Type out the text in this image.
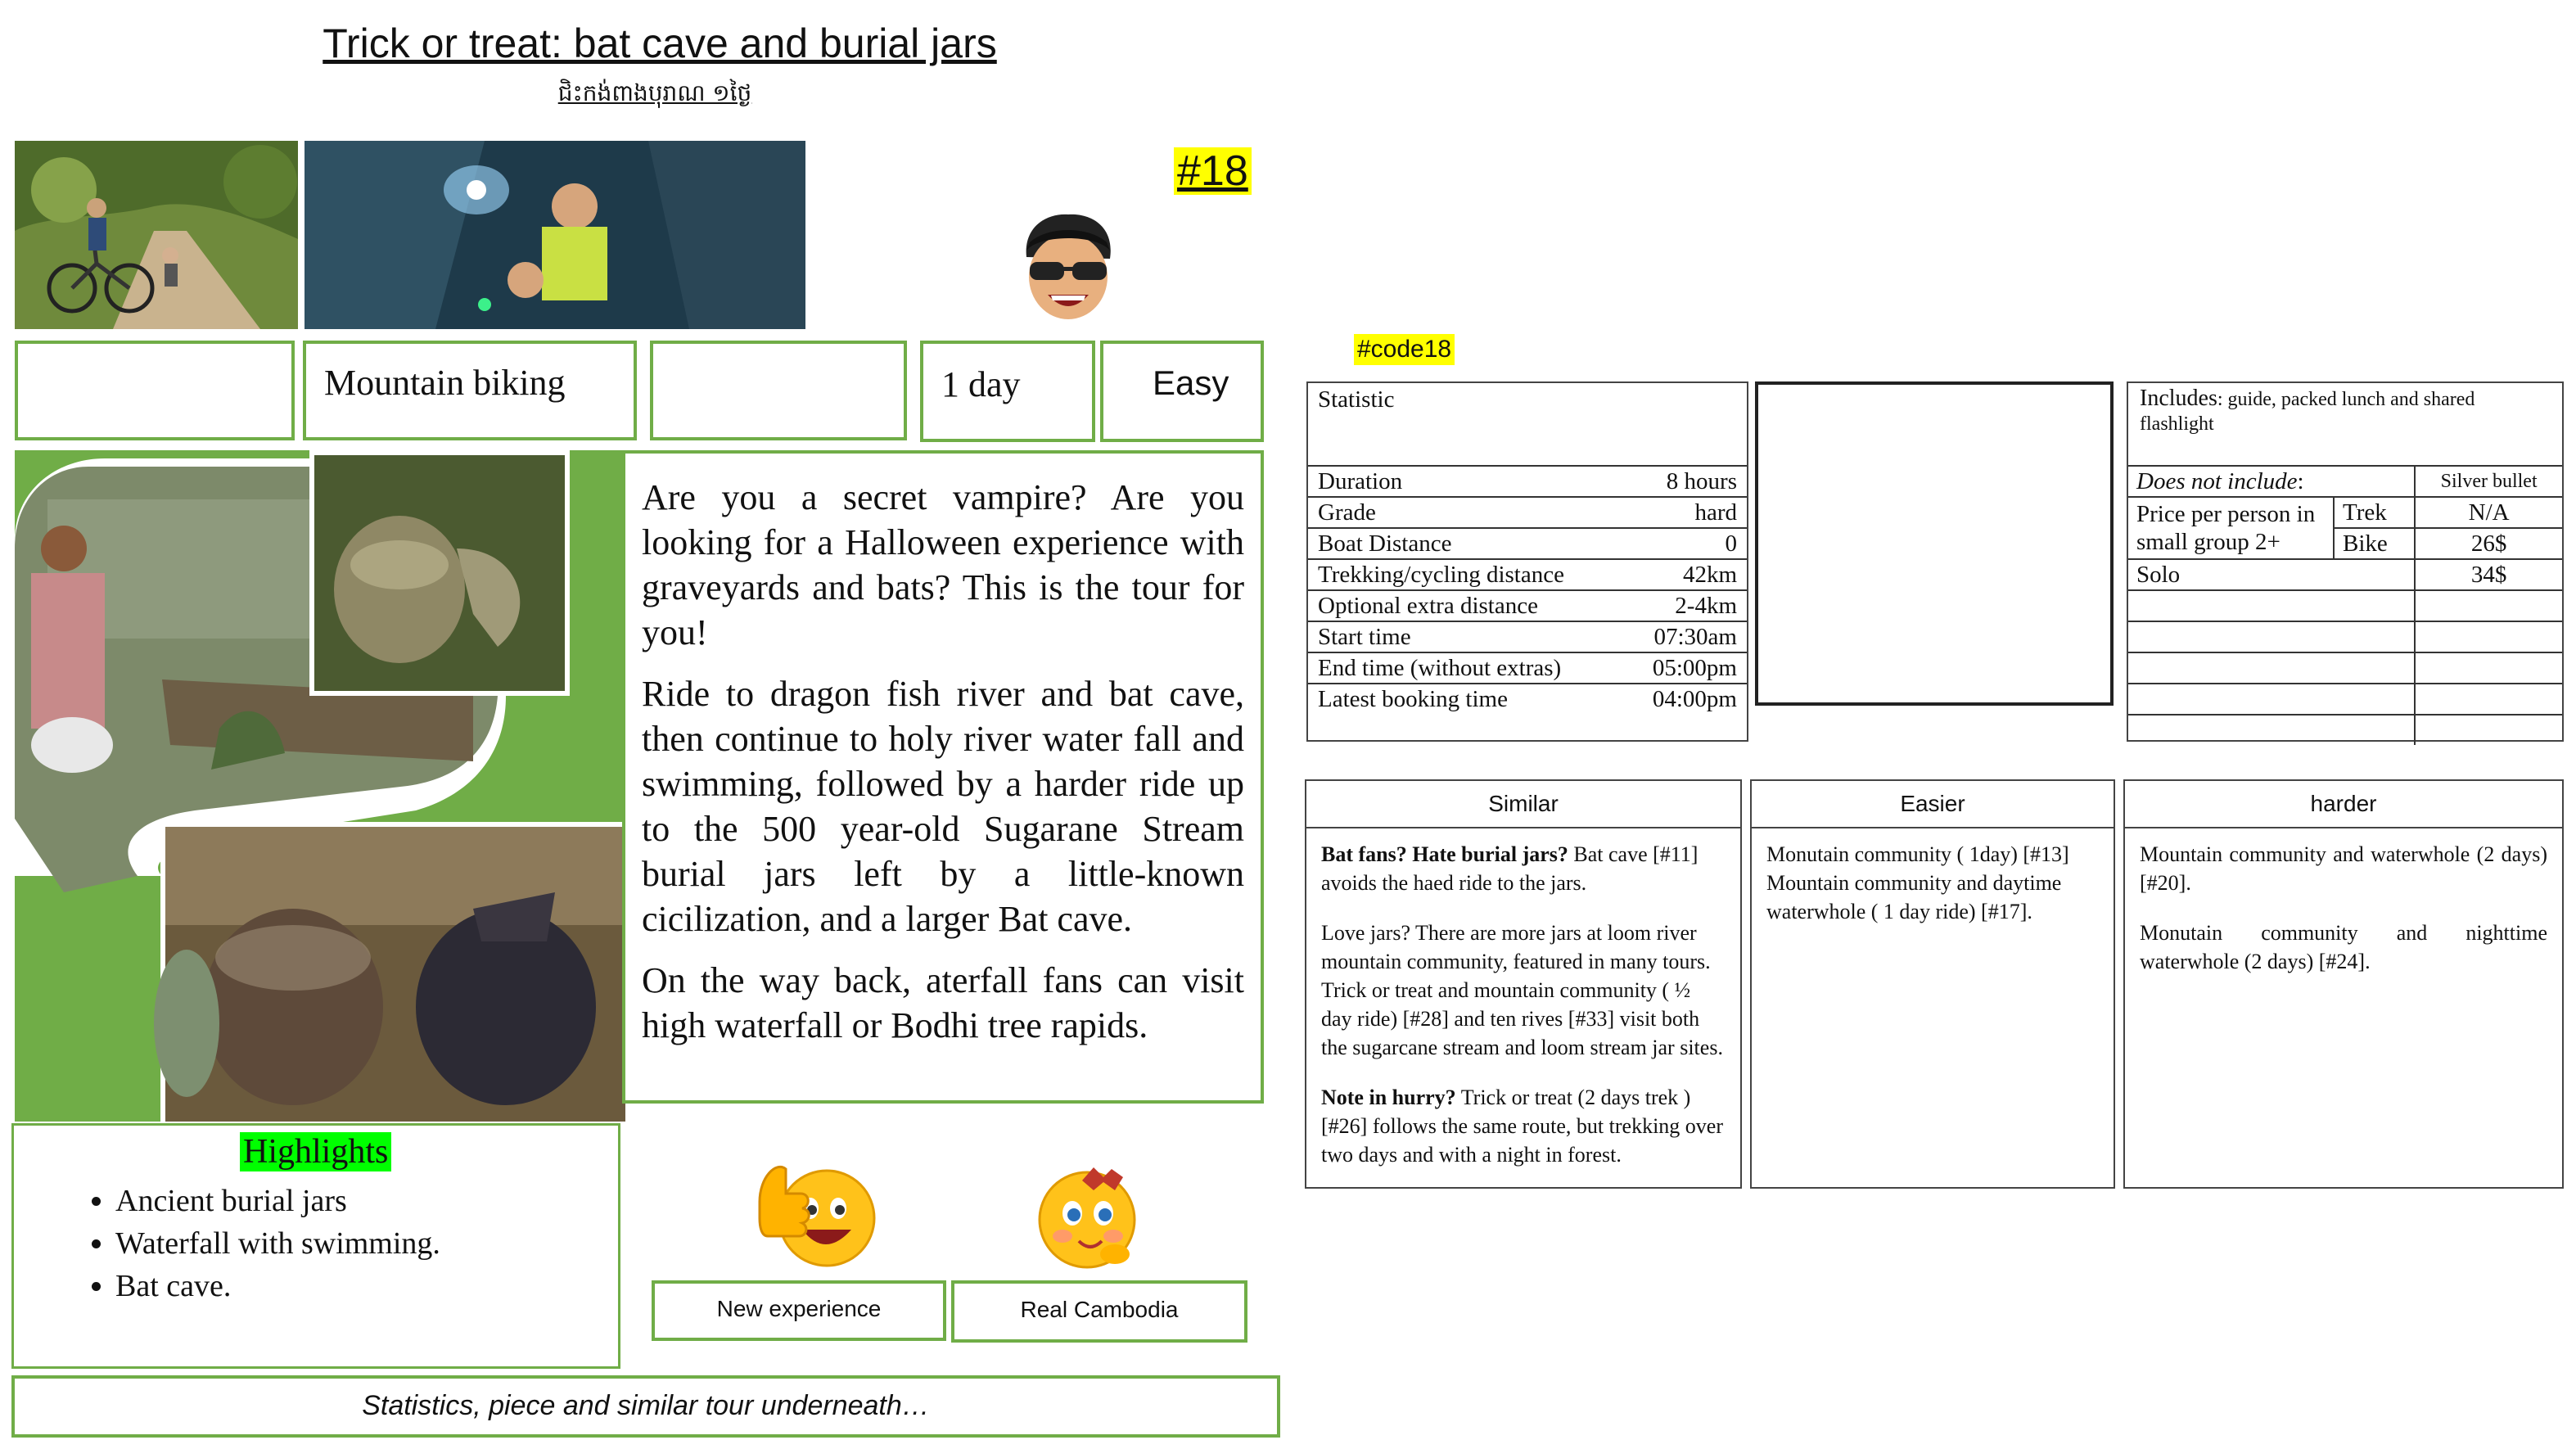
Trick or treat: bat cave and burial jars
ជិះកង់ពាងបុរាណ ១ថ្ងៃ
#18
Mountain biking	1 day	Easy

Are you a secret vampire? Are you looking for a Halloween experience with graveyards and bats? This is the tour for you!

Ride to dragon fish river and bat cave, then continue to holy river water fall and swimming, followed by a harder ride up to the 500 year-old Sugarane Stream burial jars left by a little-known cicilization, and a larger Bat cave.

On the way back, aterfall fans can visit high waterfall or Bodhi tree rapids.

Highlights
• Ancient burial jars
• Waterfall with swimming.
• Bat cave.
New experience	Real Cambodia
Statistics, piece and similar tour underneath…
#code18
Statistic
Duration	8 hours
Grade	hard
Boat Distance	0
Trekking/cycling distance	42km
Optional extra distance	2-4km
Start time	07:30am
End time (without extras)	05:00pm
Latest booking time	04:00pm
Includes: guide, packed lunch and shared flashlight
Does not include:		Silver bullet
Price per person in small group 2+	Trek	N/A
	Bike	26$
Solo		34$

Similar

Bat fans? Hate burial jars? Bat cave [#11] avoids the haed ride to the jars.

Love jars? There are more jars at loom river mountain community, featured in many tours. Trick or treat and mountain community ( ½ day ride) [#28] and ten rives [#33] visit both the sugarcane stream and loom stream jar sites.

Note in hurry? Trick or treat (2 days trek ) [#26] follows the same route, but trekking over two days and with a night in forest.

Easier

Monutain community ( 1day) [#13]

Mountain community and daytime waterwhole ( 1 day ride) [#17].

harder

Mountain community and waterwhole (2 days) [#20].

Monutain community and nighttime waterwhole (2 days) [#24].
